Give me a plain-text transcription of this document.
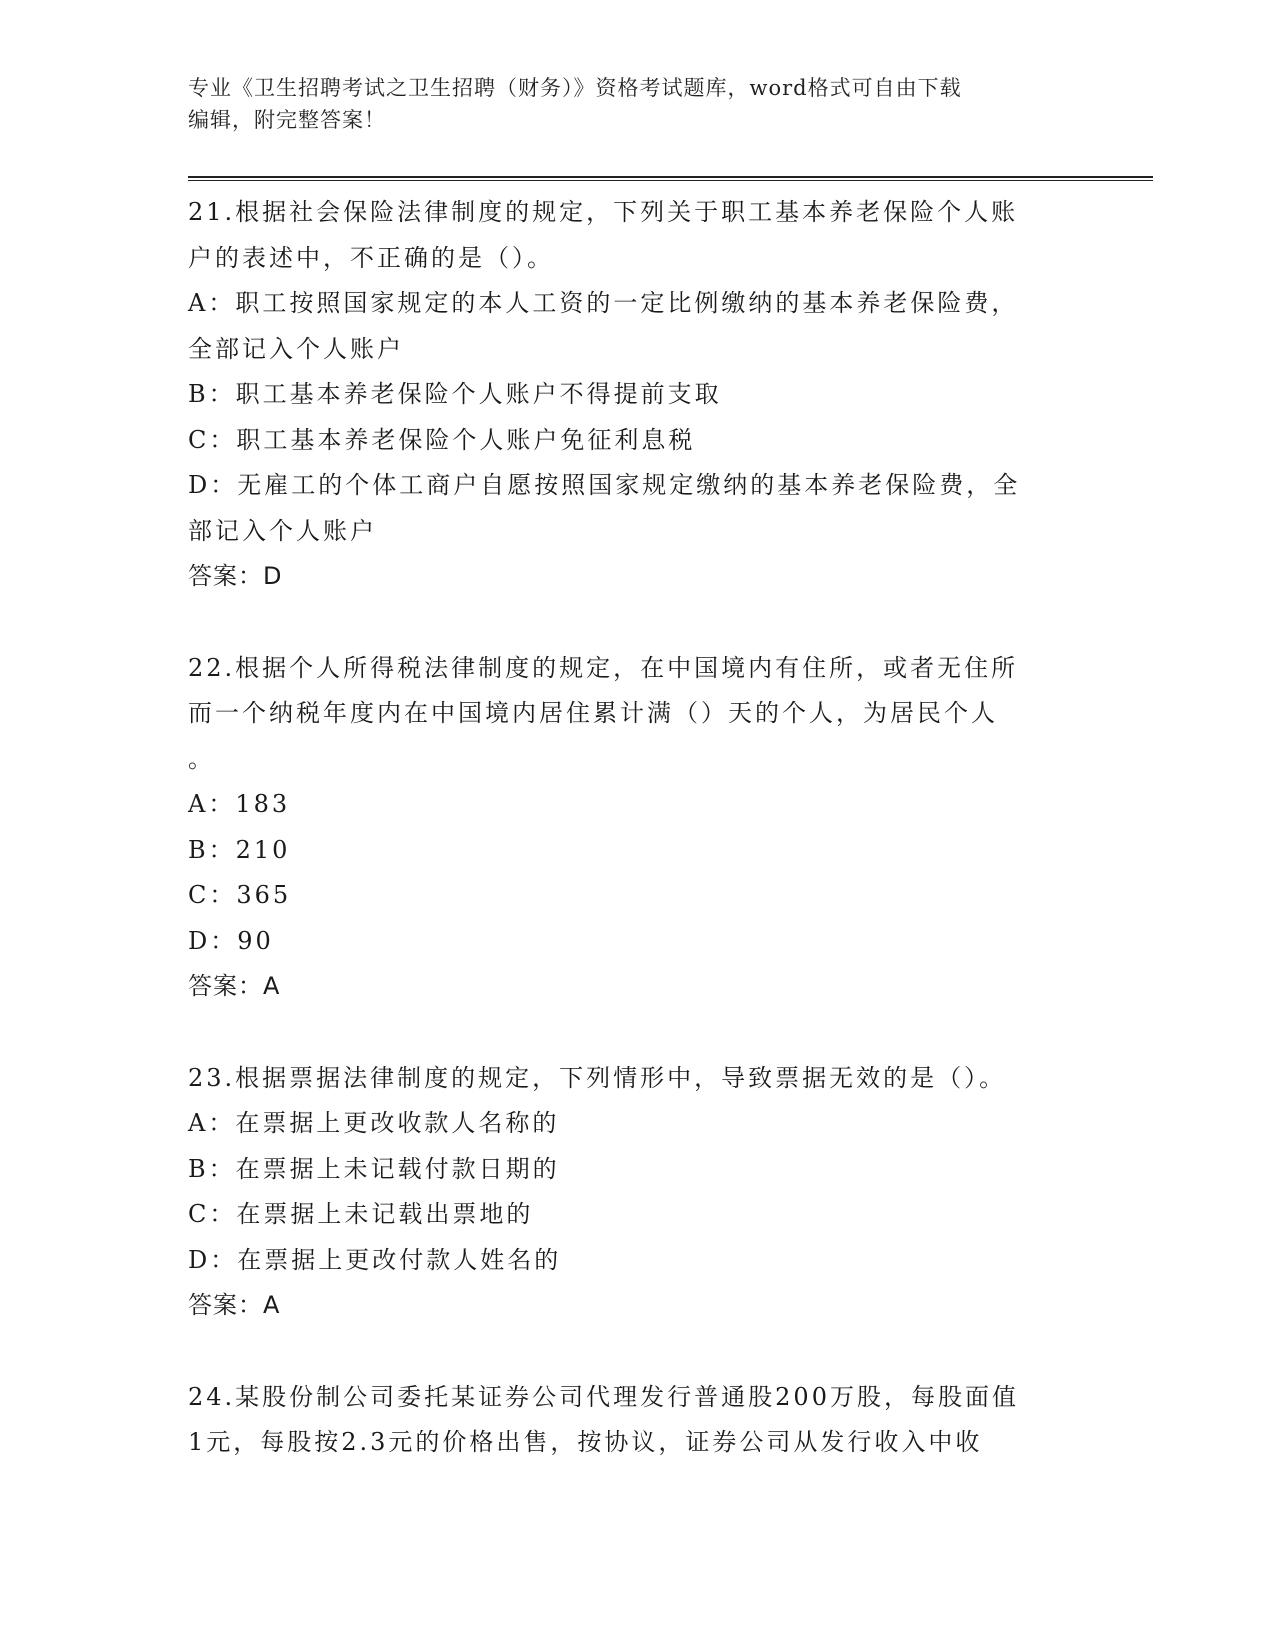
专业《卫生招聘考试之卫生招聘（财务）》资格考试题库，word格式可自由下载
编辑，附完整答案！
21.根据社会保险法律制度的规定，下列关于职工基本养老保险个人账
户的表述中，不正确的是（）。
A：职工按照国家规定的本人工资的一定比例缴纳的基本养老保险费，
全部记入个人账户
B：职工基本养老保险个人账户不得提前支取
C：职工基本养老保险个人账户免征利息税
D：无雇工的个体工商户自愿按照国家规定缴纳的基本养老保险费，全
部记入个人账户
答案：D
22.根据个人所得税法律制度的规定，在中国境内有住所，或者无住所
而一个纳税年度内在中国境内居住累计满（）天的个人，为居民个人
。
A：183
B：210
C：365
D：90
答案：A
23.根据票据法律制度的规定，下列情形中，导致票据无效的是（）。
A：在票据上更改收款人名称的
B：在票据上未记载付款日期的
C：在票据上未记载出票地的
D：在票据上更改付款人姓名的
答案：A
24.某股份制公司委托某证券公司代理发行普通股200万股，每股面值
1元，每股按2.3元的价格出售，按协议，证券公司从发行收入中收
